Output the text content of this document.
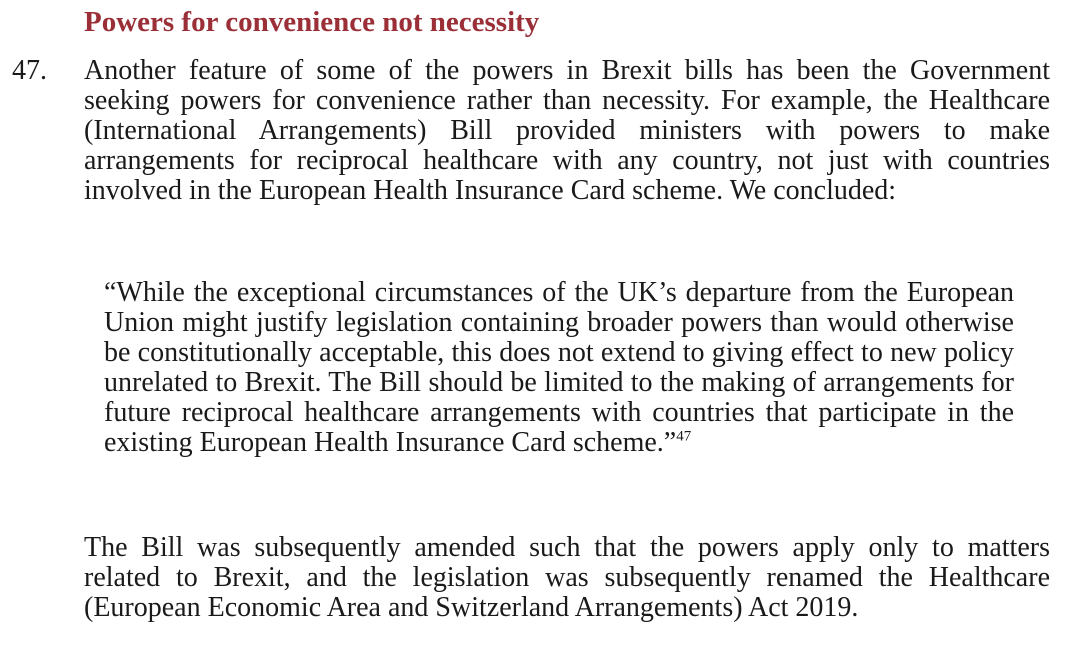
Powers for convenience not necessity
47. Another feature of some of the powers in Brexit bills has been the Government seeking powers for convenience rather than necessity. For example, the Healthcare (International Arrangements) Bill provided ministers with powers to make arrangements for reciprocal healthcare with any country, not just with countries involved in the European Health Insurance Card scheme. We concluded:
“While the exceptional circumstances of the UK’s departure from the European Union might justify legislation containing broader powers than would otherwise be constitutionally acceptable, this does not extend to giving effect to new policy unrelated to Brexit. The Bill should be limited to the making of arrangements for future reciprocal healthcare arrangements with countries that participate in the existing European Health Insurance Card scheme.”$^{47}$
The Bill was subsequently amended such that the powers apply only to matters related to Brexit, and the legislation was subsequently renamed the Healthcare (European Economic Area and Switzerland Arrangements) Act 2019.
